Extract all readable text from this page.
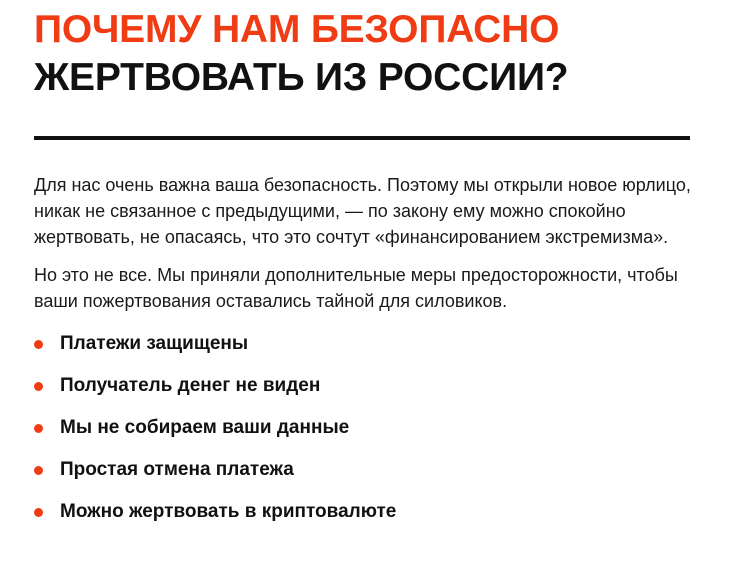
ПОЧЕМУ НАМ БЕЗОПАСНО
ЖЕРТВОВАТЬ ИЗ РОССИИ?

Для нас очень важна ваша безопасность. Поэтому мы открыли новое юрлицо, никак не связанное с предыдущими, — по закону ему можно спокойно жертвовать, не опасаясь, что это сочтут «финансированием экстремизма».

Но это не все. Мы приняли дополнительные меры предосторожности, чтобы ваши пожертвования оставались тайной для силовиков.

Платежи защищены
Получатель денег не виден
Мы не собираем ваши данные
Простая отмена платежа
Можно жертвовать в криптовалюте
